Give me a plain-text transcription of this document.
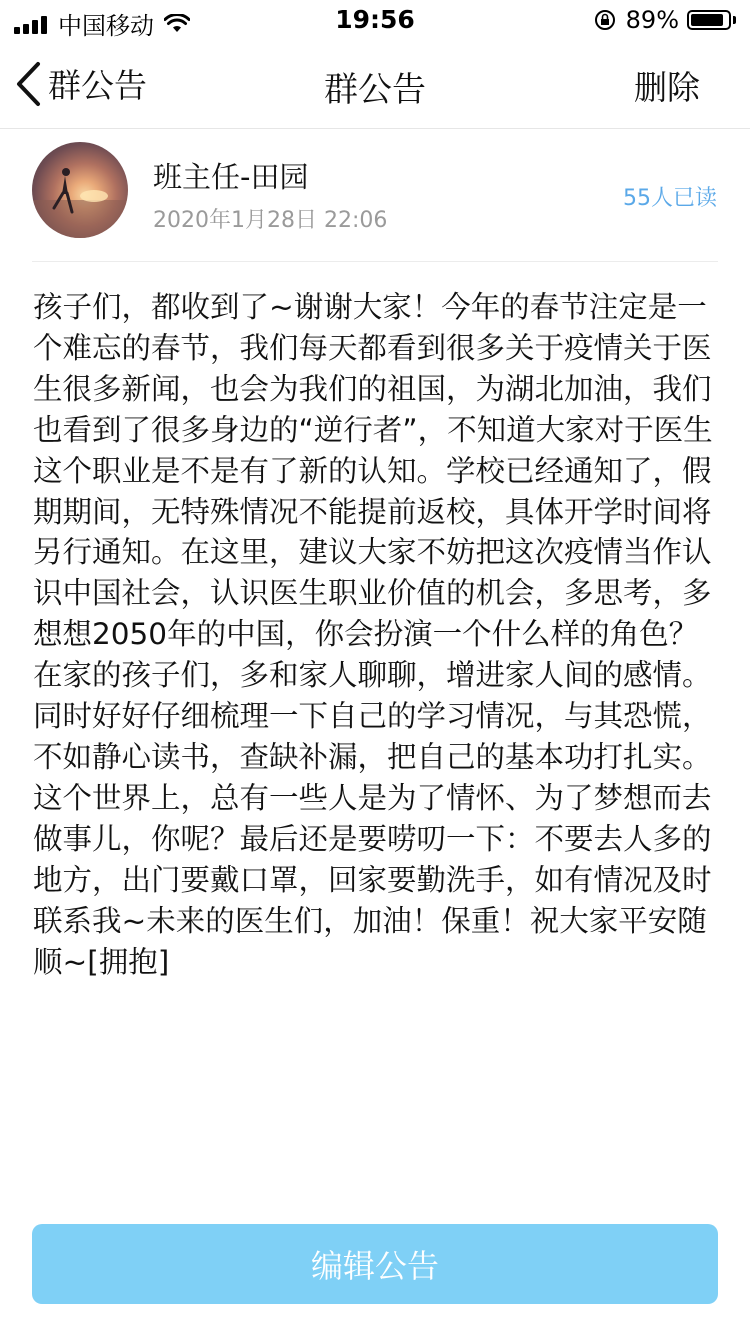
中国移动	19:56	89%
群公告	群公告	删除
班主任-田园
2020年1月28日 22:06
55人已读
孩子们，都收到了~谢谢大家！今年的春节注定是一个难忘的春节，我们每天都看到很多关于疫情关于医生很多新闻，也会为我们的祖国，为湖北加油，我们也看到了很多身边的“逆行者”，不知道大家对于医生这个职业是不是有了新的认知。学校已经通知了，假期期间，无特殊情况不能提前返校，具体开学时间将另行通知。在这里，建议大家不妨把这次疫情当作认识中国社会，认识医生职业价值的机会，多思考，多想想2050年的中国，你会扮演一个什么样的角色？在家的孩子们，多和家人聊聊，增进家人间的感情。同时好好仔细梳理一下自己的学习情况，与其恐慌，不如静心读书，查缺补漏，把自己的基本功打扎实。这个世界上，总有一些人是为了情怀、为了梦想而去做事儿，你呢？最后还是要唠叨一下：不要去人多的地方，出门要戴口罩，回家要勤洗手，如有情况及时联系我~未来的医生们，加油！保重！祝大家平安随顺~[拥抱]
编辑公告
